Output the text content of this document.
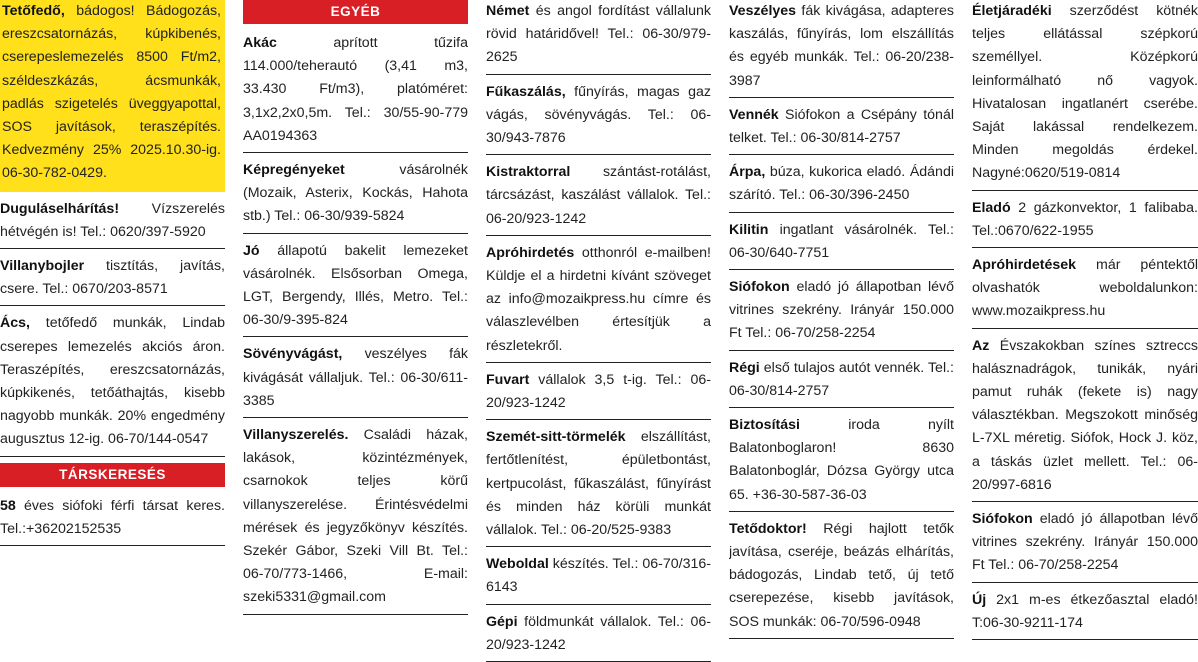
Tetőfedő, bádogos! Bádogozás, ereszcsatornázás, kúpkibenés, cserepeslemezelés 8500 Ft/m2, széldeszkázás, ácsmunkák, padlás szigetelés üveggyapottal, SOS javítások, teraszépítés. Kedvezmény 25% 2025.10.30-ig. 06-30-782-0429.
Duguláselhárítás! Vízszerelés hétvégén is! Tel.: 0620/397-5920
Villanybojler tisztítás, javítás, csere. Tel.: 0670/203-8571
Ács, tetőfedő munkák, Lindab cserepes lemezelés akciós áron. Teraszépítés, ereszcsatornázás, kúpkikenés, tetőáthajtás, kisebb nagyobb munkák. 20% engedmény augusztus 12-ig. 06-70/144-0547
TÁRSKERESÉS
58 éves siófoki férfi társat keres. Tel.:+36202152535
EGYÉB
Akác aprított tűzifa 114.000/teherautó (3,41 m3, 33.430 Ft/m3), platóméret: 3,1x2,2x0,5m. Tel.: 30/55-90-779 AA0194363
Képregényeket vásárolnék (Mozaik, Asterix, Kockás, Hahota stb.) Tel.: 06-30/939-5824
Jó állapotú bakelit lemezeket vásárolnék. Elsősorban Omega, LGT, Bergendy, Illés, Metro. Tel.: 06-30/9-395-824
Sövényvágást, veszélyes fák kivágását vállaljuk. Tel.: 06-30/611-3385
Villanyszerelés. Családi házak, lakások, közintézmények, csarnokok teljes körű villanyszerelése. Érintésvédelmi mérések és jegyzőkönyv készítés. Szekér Gábor, Szeki Vill Bt. Tel.: 06-70/773-1466, E-mail: szeki5331@gmail.com
Német és angol fordítást vállalunk rövid határidővel! Tel.: 06-30/979-2625
Fűkaszálás, fűnyírás, magas gaz vágás, sövényvágás. Tel.: 06-30/943-7876
Kistraktorral szántást-rotálást, tárcsázást, kaszálást vállalok. Tel.: 06-20/923-1242
Apróhirdetés otthonról e-mailben! Küldje el a hirdetni kívánt szöveget az info@mozaikpress.hu címre és válaszlevélben értesítjük a részletekről.
Fuvart vállalok 3,5 t-ig. Tel.: 06-20/923-1242
Szemét-sitt-törmelék elszállítást, fertőtlenítést, épületbontást, kertpucolást, fűkaszálást, fűnyírást és minden ház körüli munkát vállalok. Tel.: 06-20/525-9383
Weboldal készítés. Tel.: 06-70/316-6143
Gépi földmunkát vállalok. Tel.: 06-20/923-1242
Veszélyes fák kivágása, adapteres kaszálás, fűnyírás, lom elszállítás és egyéb munkák. Tel.: 06-20/238-3987
Vennék Siófokon a Csépány tónál telket. Tel.: 06-30/814-2757
Árpa, búza, kukorica eladó. Ádándi szárító. Tel.: 06-30/396-2450
Kilitin ingatlant vásárolnék. Tel.: 06-30/640-7751
Siófokon eladó jó állapotban lévő vitrines szekrény. Irányár 150.000 Ft Tel.: 06-70/258-2254
Régi első tulajos autót vennék. Tel.: 06-30/814-2757
Biztosítási iroda nyílt Balatonboglaron! 8630 Balatonboglár, Dózsa György utca 65. +36-30-587-36-03
Tetődoktor! Régi hajlott tetők javítása, cseréje, beázás elhárítás, bádogozás, Lindab tető, új tető cserepezése, kisebb javítások, SOS munkák: 06-70/596-0948
Életjáradéki szerződést kötnék teljes ellátással szépkorú személlyel. Középkorú leinformálható nő vagyok. Hivatalosan ingatlanért cserébe. Saját lakással rendelkezem. Minden megoldás érdekel. Nagyné:0620/519-0814
Eladó 2 gázkonvektor, 1 falibaba. Tel.:0670/622-1955
Apróhirdetések már péntektől olvashatók weboldalunkon: www.mozaikpress.hu
Az Évszakokban színes sztreccs halásznadrágok, tunikák, nyári pamut ruhák (fekete is) nagy választékban. Megszokott minőség L-7XL méretig. Siófok, Hock J. köz, a táskás üzlet mellett. Tel.: 06-20/997-6816
Siófokon eladó jó állapotban lévő vitrines szekrény. Irányár 150.000 Ft Tel.: 06-70/258-2254
Új 2x1 m-es étkezőasztal eladó! T:06-30-9211-174
